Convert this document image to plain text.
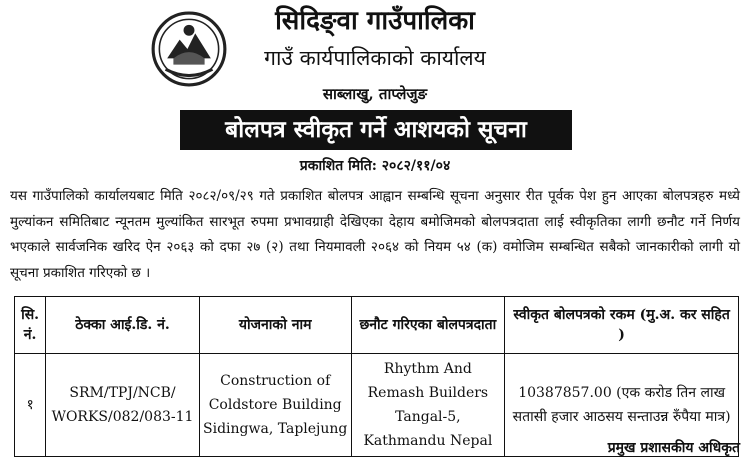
सिदिङ्वा गाउँपालिका
गाउँ कार्यपालिकाको कार्यालय
साब्लाखु, ताप्लेजुङ
बोलपत्र स्वीकृत गर्ने आशयको सूचना
प्रकाशित मिति: २०८२/११/०४

यस गाउँपालिको कार्यालयबाट मिति २०८२/०९/२९ गते प्रकाशित बोलपत्र आह्वान सम्बन्धि सूचना अनुसार रीत पूर्वक पेश हुन आएका बोलपत्रहरु मध्ये मुल्यांकन समितिबाट न्यूनतम मुल्यांकित सारभूत रुपमा प्रभावग्राही देखिएका देहाय बमोजिमको बोलपत्रदाता लाई स्वीकृतिका लागी छनौट गर्ने निर्णय भएकाले सार्वजनिक खरिद ऐन २०६३ को दफा २७ (२) तथा नियमावली २०६४ को नियम ५४ (क) वमोजिम सम्बन्धित सबैको जानकारीको लागी यो सूचना प्रकाशित गरिएको छ ।

सि. नं.	ठेक्का आई.डि. नं.	योजनाको नाम	छनौट गरिएका बोलपत्रदाता	स्वीकृत बोलपत्रको रकम (मु.अ. कर सहित )
१	SRM/TPJ/NCB/ WORKS/082/083-11	Construction of Coldstore Building Sidingwa, Taplejung	Rhythm And Remash Builders Tangal-5, Kathmandu Nepal	10387857.00 (एक करोड तिन लाख सतासी हजार आठसय सन्ताउन्न रुँपैया मात्र)
प्रमुख प्रशासकीय अधिकृत
